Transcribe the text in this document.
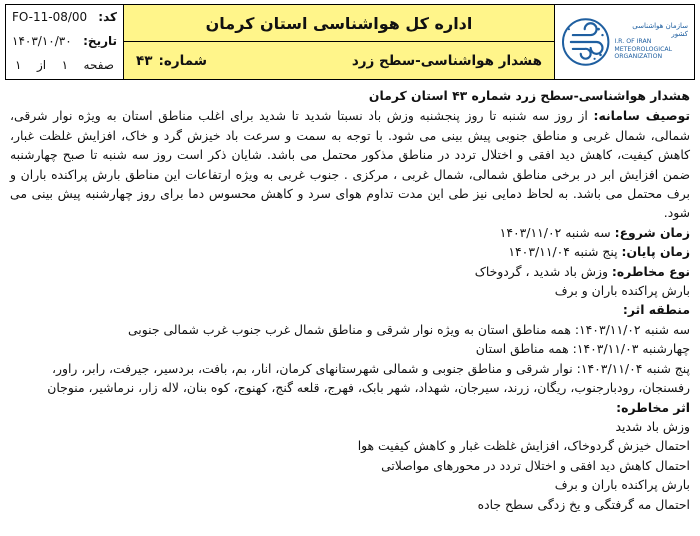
کد:
FO-11-08/00
تاریخ:
۱۴۰۳/۱۰/۳۰
صفحه
۱
از
۱
اداره کل هواشناسی استان کرمان
هشدار هواشناسی-سطح زرد
شماره:
۴۳
سازمان هواشناسی کشور
I.R. OF IRAN
METEOROLOGICAL
ORGANIZATION
هشدار هواشناسی-سطح زرد شماره ۴۳ استان کرمان

توصیف سامانه: از روز سه شنبه تا روز پنجشنبه وزش باد نسبتا شدید تا شدید برای اغلب مناطق استان به ویژه نوار شرقی، شمالی، شمال غربی و مناطق جنوبی پیش بینی می شود. با توجه به سمت و سرعت باد خیزش گرد و خاک، افزایش غلظت غبار، کاهش کیفیت، کاهش دید افقی و اختلال تردد در مناطق مذکور محتمل می باشد. شایان ذکر است روز سه شنبه تا صبح چهارشنبه ضمن افزایش ابر در برخی مناطق شمالی، شمال غربی ، مرکزی . جنوب غربی به ویژه ارتفاعات این مناطق بارش پراکنده باران و برف محتمل می باشد. به لحاظ دمایی نیز طی این مدت تداوم هوای سرد و کاهش محسوس دما برای روز چهارشنبه پیش بینی می شود.

زمان شروع: سه شنبه ۱۴۰۳/۱۱/۰۲
زمان پایان: پنج شنبه ۱۴۰۳/۱۱/۰۴
نوع مخاطره: وزش باد شدید ، گردوخاک
بارش پراکنده باران و برف
منطقه اثر:
سه شنبه ۱۴۰۳/۱۱/۰۲: همه مناطق استان به ویژه نوار شرقی و مناطق شمال غرب جنوب غرب شمالی جنوبی
چهارشنبه ۱۴۰۳/۱۱/۰۳: همه مناطق استان
پنج شنبه ۱۴۰۳/۱۱/۰۴: نوار شرقی و مناطق جنوبی و شمالی شهرستانهای کرمان، انار، بم، بافت، بردسیر، جیرفت، رابر، راور، رفسنجان، رودبارجنوب، ریگان، زرند، سیرجان، شهداد، شهر بابک، فهرج، قلعه گنج، کهنوج، کوه بنان، لاله زار، نرماشیر، منوجان
اثر مخاطره:
وزش باد شدید
احتمال خیزش گردوخاک، افزایش غلظت غبار و کاهش کیفیت هوا
احتمال کاهش دید افقی و اختلال تردد در محورهای مواصلاتی
بارش پراکنده باران و برف
احتمال مه گرفتگی و یخ زدگی سطح جاده
